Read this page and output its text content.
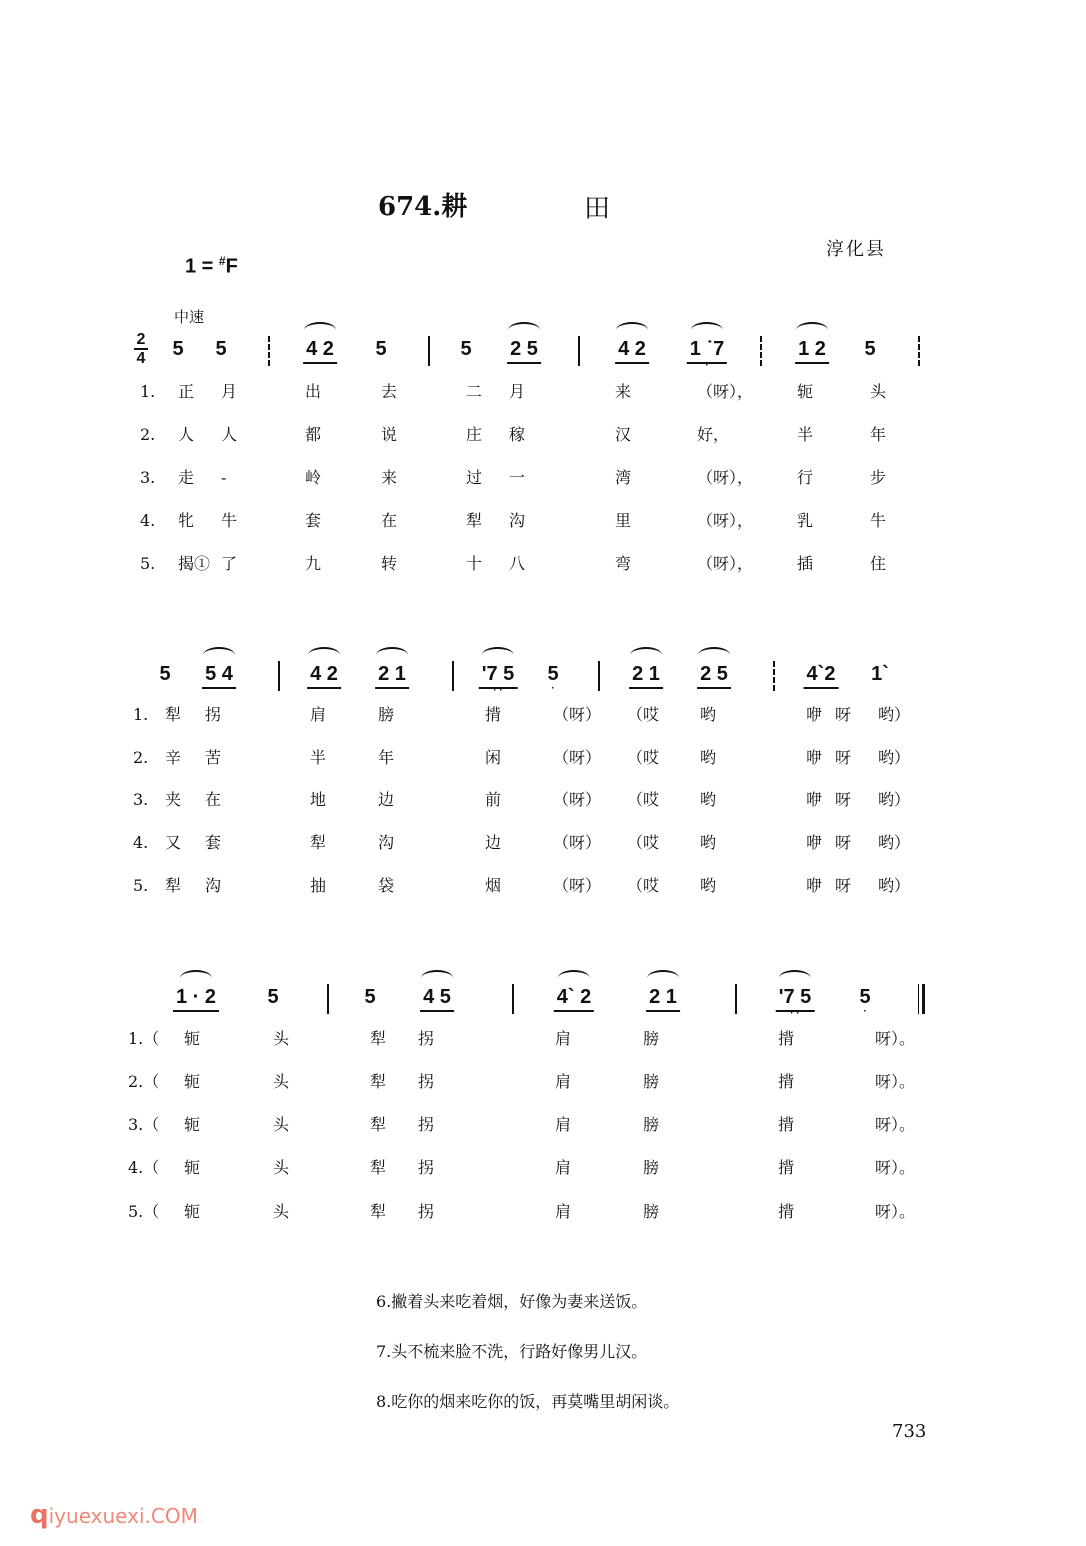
674.耕	田
淳化县
1 = #F
中速
2
4 5 5	4 2 5	5 2 5	4 2 1 ˙7
·
1 2 5
1. 正 月	出	去	二 月	来	（呀），	轭	头
2. 人 人	都	说	庄 稼	汉	好，	半	年
3. 走 -	岭	来	过 一	湾	（呀），	行	步
4. 牝 牛	套	在	犁 沟	里	（呀），	乳	牛
5. 揭① 了	九	转	十 八	弯	（呀），	插	住
5 5 4	4 2 2 1	'7 5
· ·
5
·
2 1 2 5	4`2 1`
1. 犁 拐	肩	膀	揹	（呀） （哎	哟	咿 呀 哟）
2. 辛 苦	半	年	闲	（呀） （哎	哟	咿 呀 哟）
3. 夹 在	地	边	前	（呀） （哎	哟	咿 呀 哟）
4. 又 套	犁	沟	边	（呀） （哎	哟	咿 呀 哟）
5. 犁 沟	抽	袋	烟	（呀） （哎	哟	咿 呀 哟）
1 · 2	5	5 4 5	4` 2	2 1	'7 5
· ·
5
·
1.（ 轭	头	犁 拐	肩	膀	揹	呀）。
2.（ 轭	头	犁 拐	肩	膀	揹	呀）。
3.（ 轭	头	犁 拐	肩	膀	揹	呀）。
4.（ 轭	头	犁 拐	肩	膀	揹	呀）。
5.（ 轭	头	犁 拐	肩	膀	揹	呀）。
6.撇着头来吃着烟，好像为妻来送饭。
7.头不梳来脸不洗，行路好像男儿汉。
8.吃你的烟来吃你的饭，再莫嘴里胡闲谈。
733
qiyuexuexi.COM
